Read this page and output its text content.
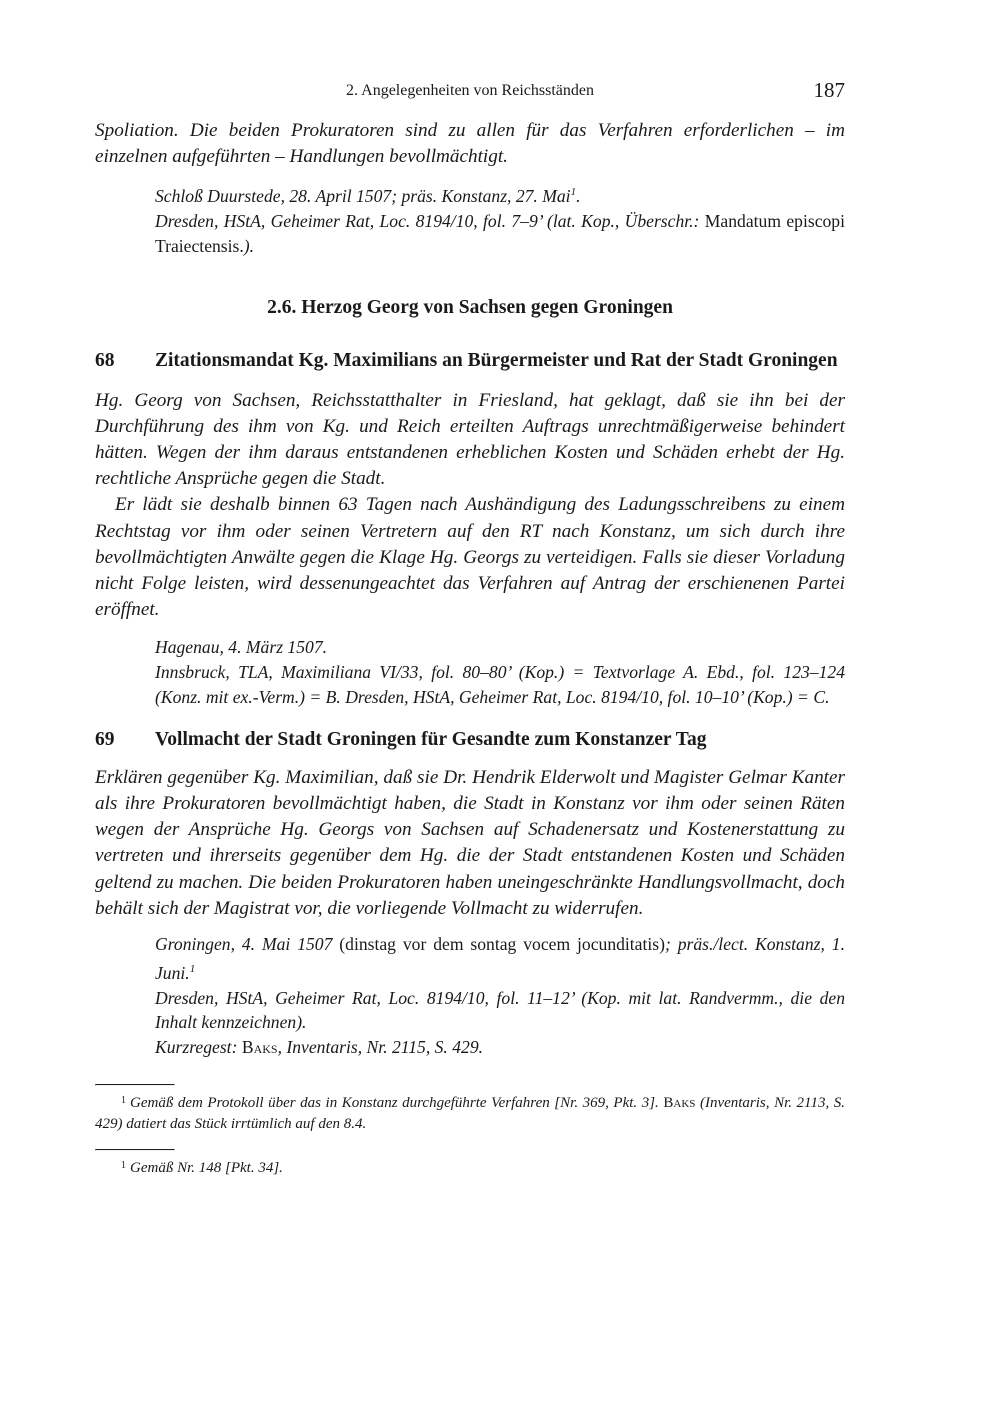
2. Angelegenheiten von Reichsständen	187

Spoliation. Die beiden Prokuratoren sind zu allen für das Verfahren erforderlichen – im einzelnen aufgeführten – Handlungen bevollmächtigt.

Schloß Duurstede, 28. April 1507; präs. Konstanz, 27. Mai$^1$.
Dresden, HStA, Geheimer Rat, Loc. 8194/10, fol. 7–9’ (lat. Kop., Überschr.: Mandatum episcopi Traiectensis.).
2.6. Herzog Georg von Sachsen gegen Groningen
68	Zitationsmandat Kg. Maximilians an Bürgermeister und Rat der Stadt Groningen

Hg. Georg von Sachsen, Reichsstatthalter in Friesland, hat geklagt, daß sie ihn bei der Durchführung des ihm von Kg. und Reich erteilten Auftrags unrechtmäßigerweise behindert hätten. Wegen der ihm daraus entstandenen erheblichen Kosten und Schäden erhebt der Hg. rechtliche Ansprüche gegen die Stadt.

Er lädt sie deshalb binnen 63 Tagen nach Aushändigung des Ladungsschreibens zu einem Rechtstag vor ihm oder seinen Vertretern auf den RT nach Konstanz, um sich durch ihre bevollmächtigten Anwälte gegen die Klage Hg. Georgs zu verteidigen. Falls sie dieser Vorladung nicht Folge leisten, wird dessenungeachtet das Verfahren auf Antrag der erschienenen Partei eröffnet.

Hagenau, 4. März 1507.
Innsbruck, TLA, Maximiliana VI/33, fol. 80–80’ (Kop.) = Textvorlage A. Ebd., fol. 123–124 (Konz. mit ex.-Verm.) = B. Dresden, HStA, Geheimer Rat, Loc. 8194/10, fol. 10–10’ (Kop.) = C.
69	Vollmacht der Stadt Groningen für Gesandte zum Konstanzer Tag

Erklären gegenüber Kg. Maximilian, daß sie Dr. Hendrik Elderwolt und Magister Gelmar Kanter als ihre Prokuratoren bevollmächtigt haben, die Stadt in Konstanz vor ihm oder seinen Räten wegen der Ansprüche Hg. Georgs von Sachsen auf Schadenersatz und Kostenerstattung zu vertreten und ihrerseits gegenüber dem Hg. die der Stadt entstandenen Kosten und Schäden geltend zu machen. Die beiden Prokuratoren haben uneingeschränkte Handlungsvollmacht, doch behält sich der Magistrat vor, die vorliegende Vollmacht zu widerrufen.

Groningen, 4. Mai 1507 (dinstag vor dem sontag vocem jocunditatis); präs./lect. Konstanz, 1. Juni.$^1$
Dresden, HStA, Geheimer Rat, Loc. 8194/10, fol. 11–12’ (Kop. mit lat. Randvermm., die den Inhalt kennzeichnen).
Kurzregest: Baks, Inventaris, Nr. 2115, S. 429.

$^1$ Gemäß dem Protokoll über das in Konstanz durchgeführte Verfahren [Nr. 369, Pkt. 3]. Baks (Inventaris, Nr. 2113, S. 429) datiert das Stück irrtümlich auf den 8.4.

$^1$ Gemäß Nr. 148 [Pkt. 34].
